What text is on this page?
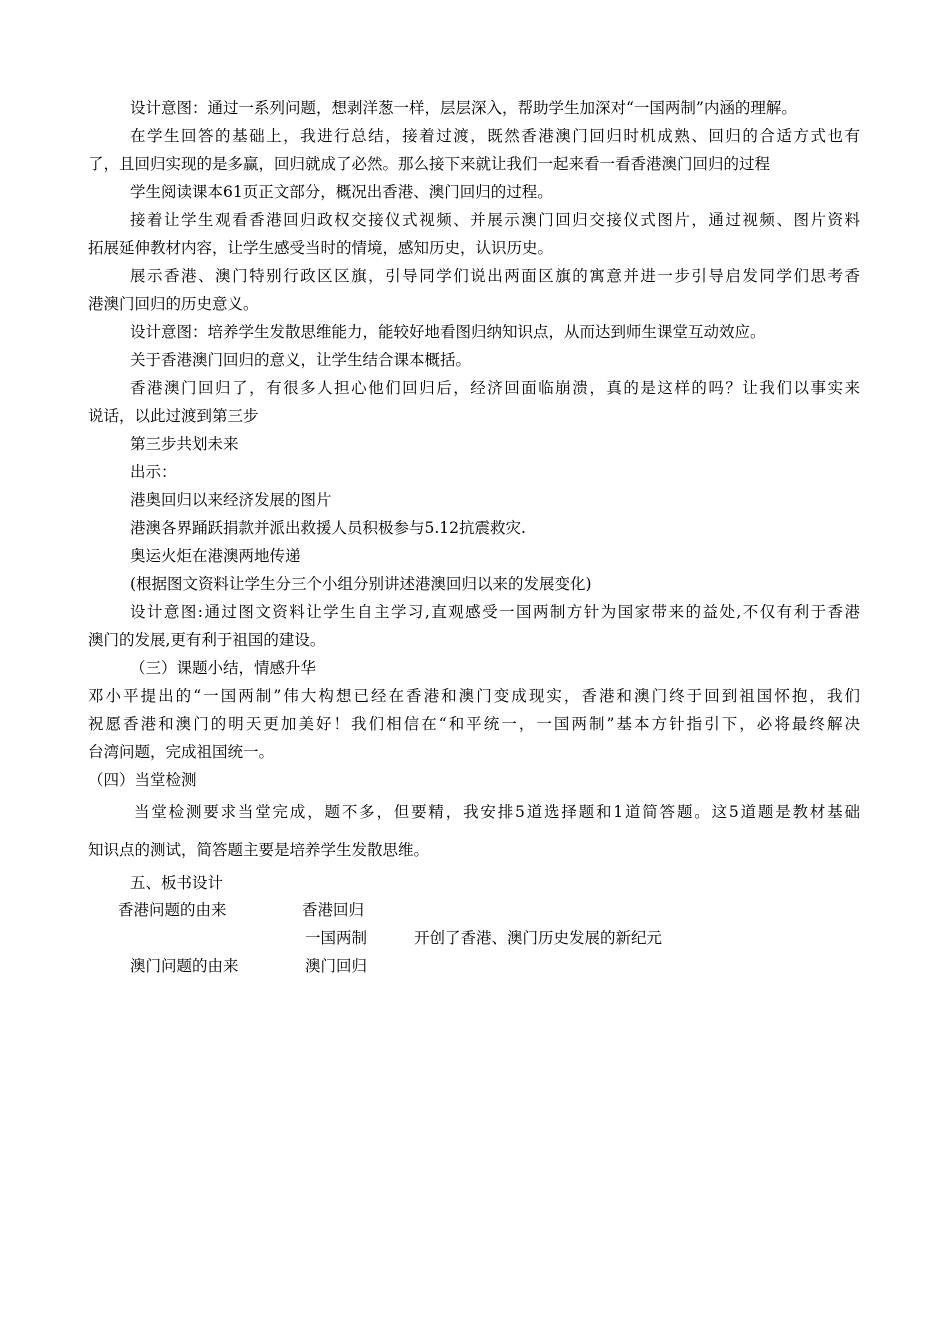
设计意图：通过一系列问题，想剥洋葱一样，层层深入，帮助学生加深对“一国两制”内涵的理解。
在学生回答的基础上，我进行总结，接着过渡，既然香港澳门回归时机成熟、回归的合适方式也有
了，且回归实现的是多赢，回归就成了必然。那么接下来就让我们一起来看一看香港澳门回归的过程
学生阅读课本61页正文部分，概况出香港、澳门回归的过程。
接着让学生观看香港回归政权交接仪式视频、并展示澳门回归交接仪式图片，通过视频、图片资料
拓展延伸教材内容，让学生感受当时的情境，感知历史，认识历史。
展示香港、澳门特别行政区区旗，引导同学们说出两面区旗的寓意并进一步引导启发同学们思考香
港澳门回归的历史意义。
设计意图：培养学生发散思维能力，能较好地看图归纳知识点，从而达到师生课堂互动效应。
关于香港澳门回归的意义，让学生结合课本概括。
香港澳门回归了，有很多人担心他们回归后，经济回面临崩溃，真的是这样的吗？让我们以事实来
说话，以此过渡到第三步
第三步共划未来
出示：
港奥回归以来经济发展的图片
港澳各界踊跃捐款并派出救援人员积极参与5.12抗震救灾.
奥运火炬在港澳两地传递
(根据图文资料让学生分三个小组分别讲述港澳回归以来的发展变化)
设计意图:通过图文资料让学生自主学习,直观感受一国两制方针为国家带来的益处,不仅有利于香港
澳门的发展,更有利于祖国的建设。
（三）课题小结，情感升华
邓小平提出的“一国两制”伟大构想已经在香港和澳门变成现实，香港和澳门终于回到祖国怀抱，我们
祝愿香港和澳门的明天更加美好！我们相信在“和平统一，一国两制”基本方针指引下，必将最终解决
台湾问题，完成祖国统一。
（四）当堂检测
当堂检测要求当堂完成，题不多，但要精，我安排5道选择题和1道简答题。这5道题是教材基础
知识点的测试，简答题主要是培养学生发散思维。
五、板书设计
香港问题的由来	香港回归
一国两制	开创了香港、澳门历史发展的新纪元
澳门问题的由来	澳门回归
